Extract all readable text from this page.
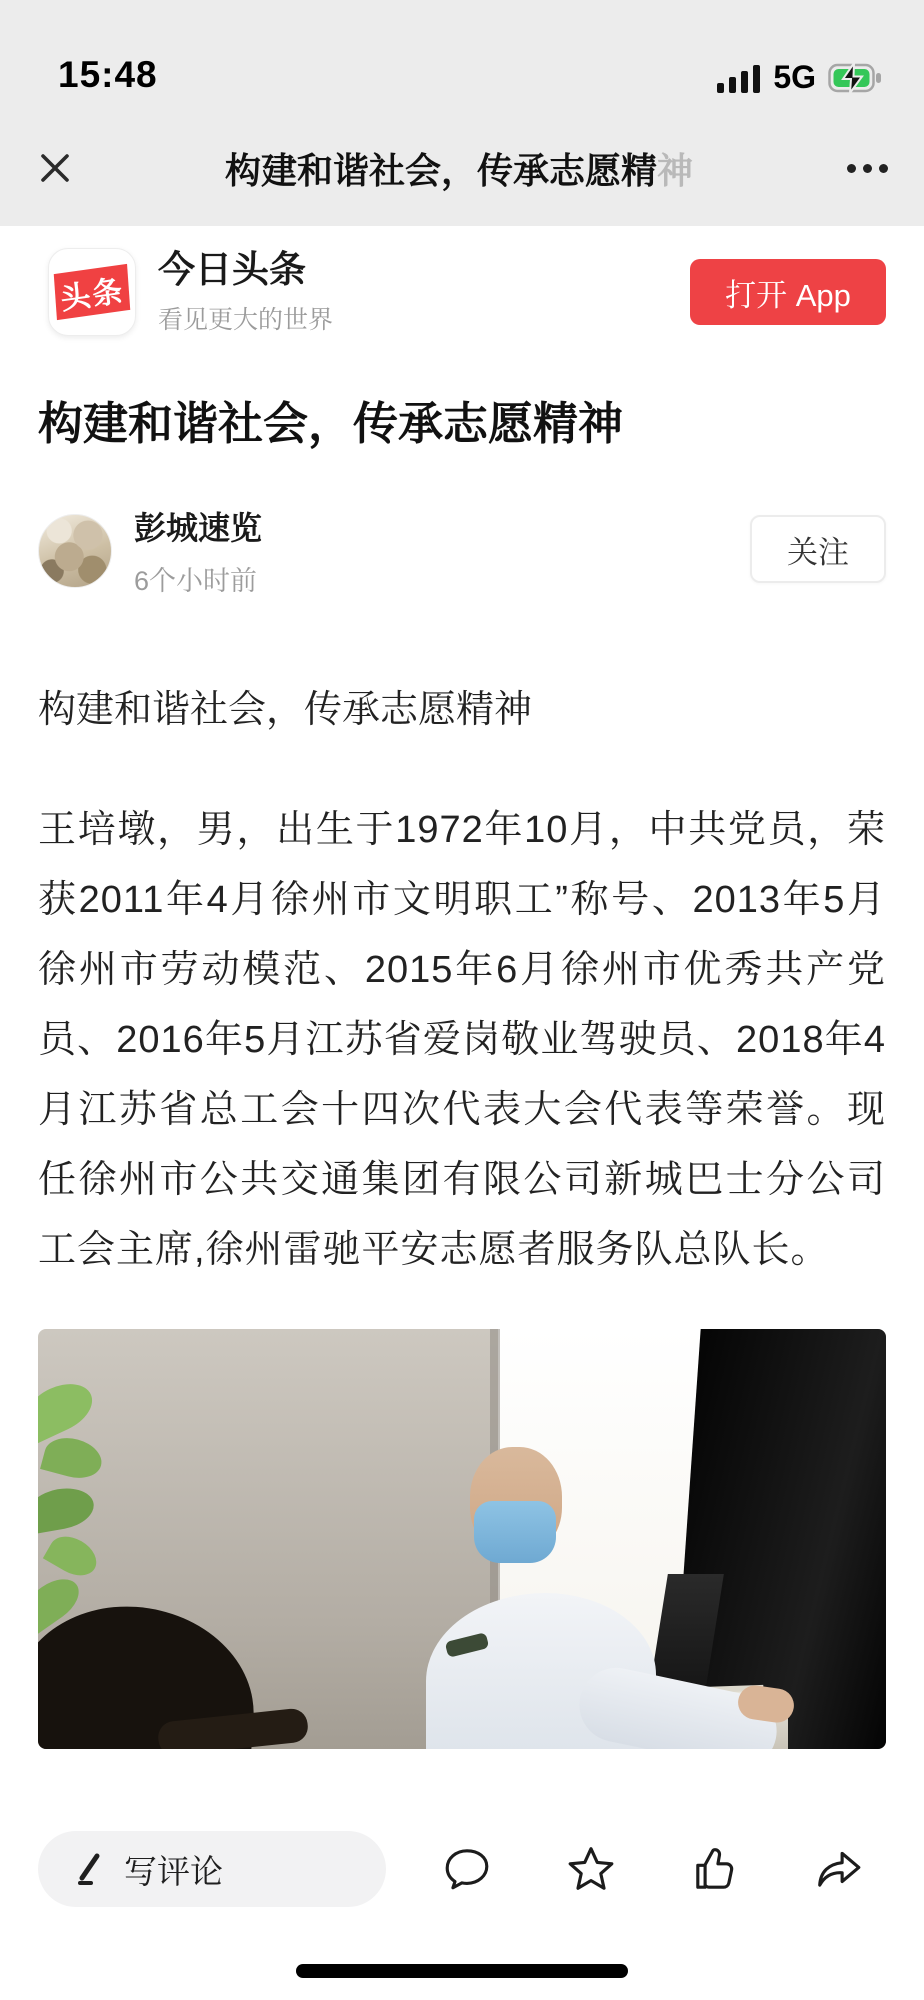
15:48	5G
构建和谐社会，传承志愿精神
头条
今日头条
看见更大的世界
打开 App
构建和谐社会，传承志愿精神
彭城速览
6个小时前
关注

构建和谐社会，传承志愿精神

王培墩，男，出生于1972年10月，中共党员，荣获2011年4月徐州市文明职工”称号、2013年5月徐州市劳动模范、2015年6月徐州市优秀共产党员、2016年5月江苏省爱岗敬业驾驶员、2018年4月江苏省总工会十四次代表大会代表等荣誉。现任徐州市公共交通集团有限公司新城巴士分公司工会主席,徐州雷驰平安志愿者服务队总队长。

写评论
